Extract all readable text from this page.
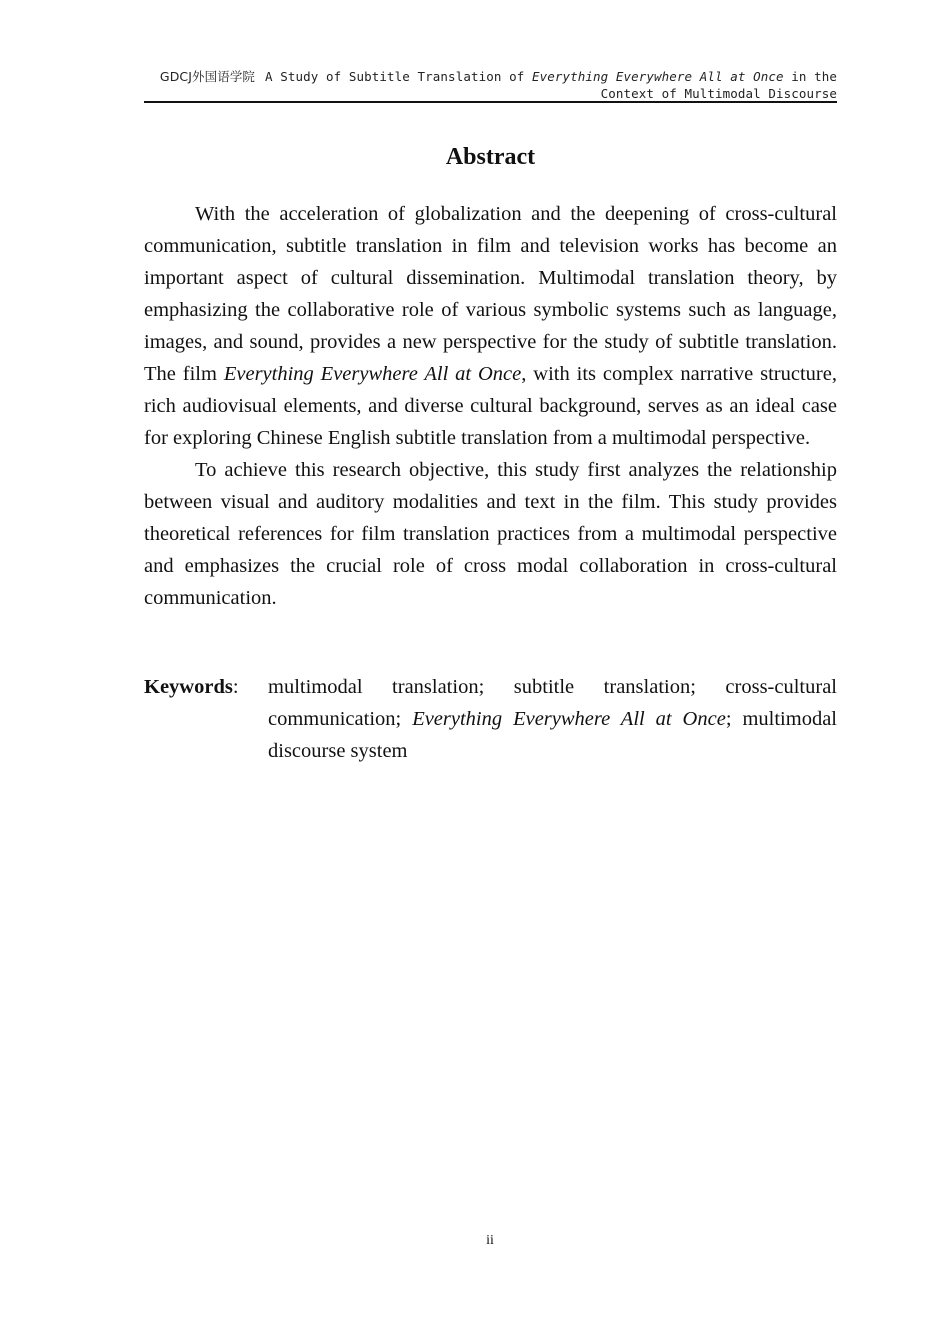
GDCJ外国语学院 A Study of Subtitle Translation of Everything Everywhere All at Once in the
Context of Multimodal Discourse
Abstract

With the acceleration of globalization and the deepening of cross-cultural communication, subtitle translation in film and television works has become an important aspect of cultural dissemination. Multimodal translation theory, by emphasizing the collaborative role of various symbolic systems such as language, images, and sound, provides a new perspective for the study of subtitle translation. The film Everything Everywhere All at Once, with its complex narrative structure, rich audiovisual elements, and diverse cultural background, serves as an ideal case for exploring Chinese English subtitle translation from a multimodal perspective.

To achieve this research objective, this study first analyzes the relationship between visual and auditory modalities and text in the film. This study provides theoretical references for film translation practices from a multimodal perspective and emphasizes the crucial role of cross modal collaboration in cross-cultural communication.

Keywords:	multimodal translation; subtitle translation; cross-cultural communication; Everything Everywhere All at Once; multimodal discourse system
ii
